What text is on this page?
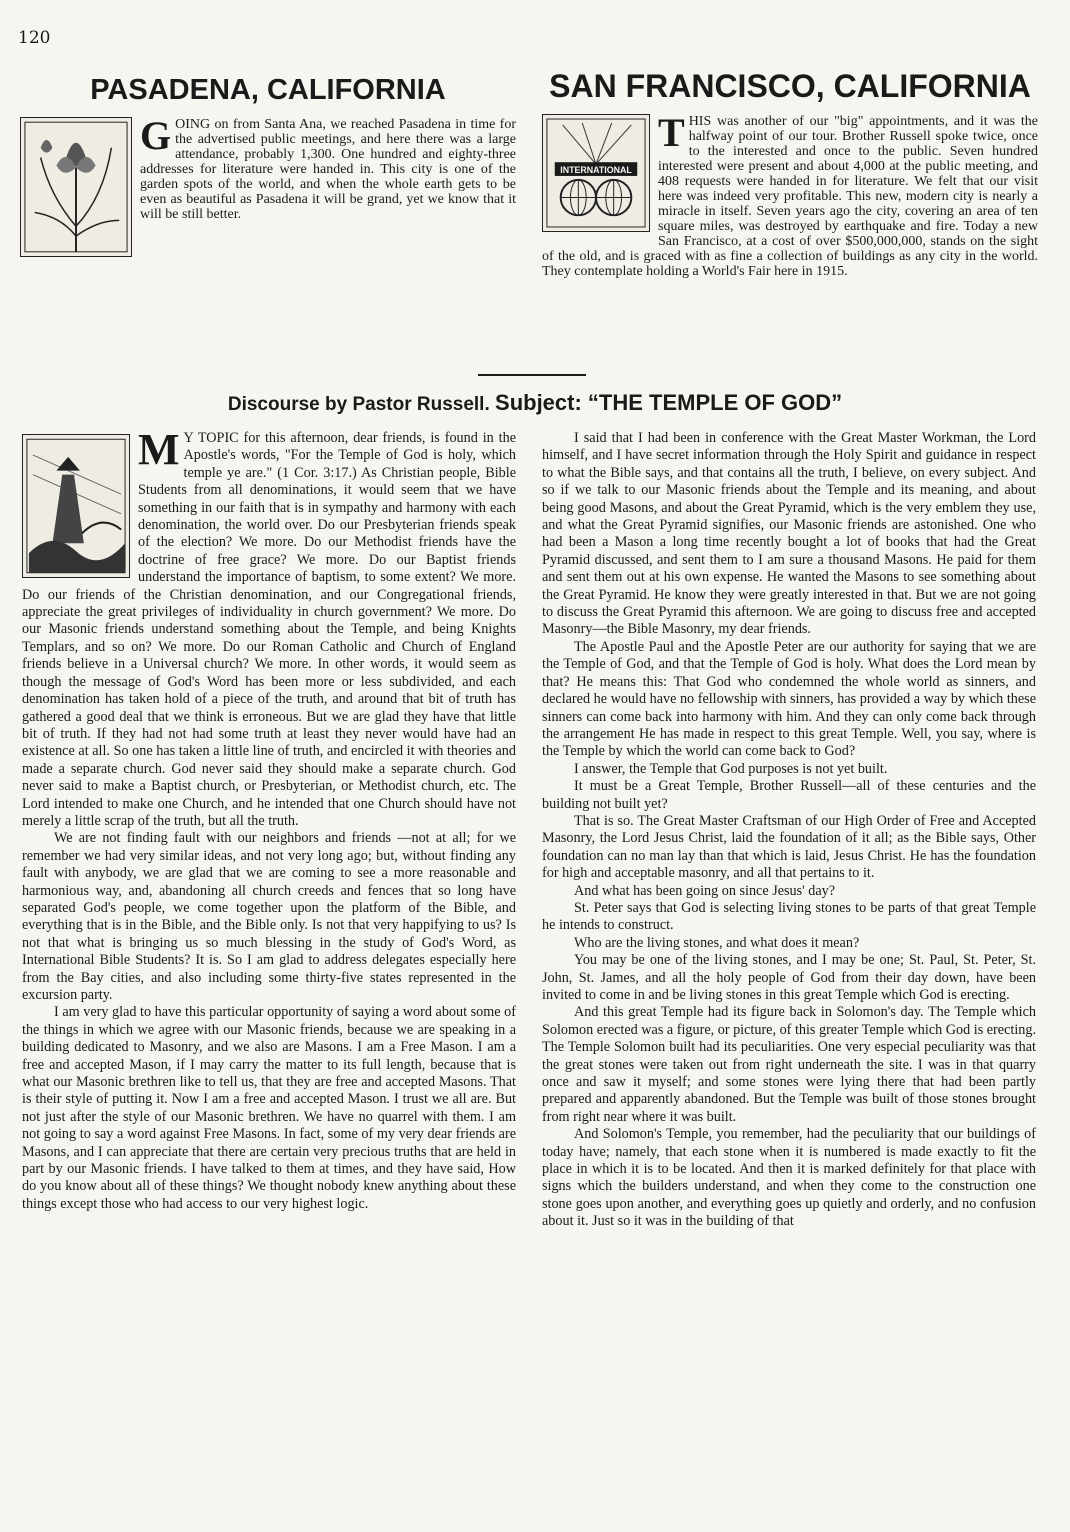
120
PASADENA, CALIFORNIA

GOING on from Santa Ana, we reached Pasadena in time for the advertised public meetings, and here there was a large attendance, probably 1,300. One hundred and eighty-three addresses for literature were handed in. This city is one of the garden spots of the world, and when the whole earth gets to be even as beautiful as Pasadena it will be grand, yet we know that it will be still better.

SAN FRANCISCO, CALIFORNIA
INTERNATIONAL

THIS was another of our "big" appointments, and it was the halfway point of our tour. Brother Russell spoke twice, once to the interested and once to the public. Seven hundred interested were present and about 4,000 at the public meeting, and 408 requests were handed in for literature. We felt that our visit here was indeed very profitable. This new, modern city is nearly a miracle in itself. Seven years ago the city, covering an area of ten square miles, was destroyed by earthquake and fire. Today a new San Francisco, at a cost of over $500,000,000, stands on the sight of the old, and is graced with as fine a collection of buildings as any city in the world. They contemplate holding a World's Fair here in 1915.

Discourse by Pastor Russell. Subject: “THE TEMPLE OF GOD”

M Y TOPIC for this afternoon, dear friends, is found in the Apostle's words, "For the Temple of God is holy, which temple ye are." (1 Cor. 3:17.) As Christian people, Bible Students from all denominations, it would seem that we have something in our faith that is in sympathy and harmony with each denomination, the world over. Do our Presbyterian friends speak of the election? We more. Do our Methodist friends have the doctrine of free grace? We more. Do our Baptist friends understand the importance of baptism, to some extent? We more. Do our friends of the Christian denomination, and our Congregational friends, appreciate the great privileges of individuality in church government? We more. Do our Masonic friends understand something about the Temple, and being Knights Templars, and so on? We more. Do our Roman Catholic and Church of England friends believe in a Universal church? We more. In other words, it would seem as though the message of God's Word has been more or less subdivided, and each denomination has taken hold of a piece of the truth, and around that bit of truth has gathered a good deal that we think is erroneous. But we are glad they have that little bit of truth. If they had not had some truth at least they never would have had an existence at all. So one has taken a little line of truth, and encircled it with theories and made a separate church. God never said they should make a separate church. God never said to make a Baptist church, or Presbyterian, or Methodist church, etc. The Lord intended to make one Church, and he intended that one Church should have not merely a little scrap of the truth, but all the truth.

We are not finding fault with our neighbors and friends —not at all; for we remember we had very similar ideas, and not very long ago; but, without finding any fault with anybody, we are glad that we are coming to see a more reasonable and harmonious way, and, abandoning all church creeds and fences that so long have separated God's people, we come together upon the platform of the Bible, and everything that is in the Bible, and the Bible only. Is not that very happifying to us? Is not that what is bringing us so much blessing in the study of God's Word, as International Bible Students? It is. So I am glad to address delegates especially here from the Bay cities, and also including some thirty-five states represented in the excursion party.

I am very glad to have this particular opportunity of saying a word about some of the things in which we agree with our Masonic friends, because we are speaking in a building dedicated to Masonry, and we also are Masons. I am a Free Mason. I am a free and accepted Mason, if I may carry the matter to its full length, because that is what our Masonic brethren like to tell us, that they are free and accepted Masons. That is their style of putting it. Now I am a free and accepted Mason. I trust we all are. But not just after the style of our Masonic brethren. We have no quarrel with them. I am not going to say a word against Free Masons. In fact, some of my very dear friends are Masons, and I can appreciate that there are certain very precious truths that are held in part by our Masonic friends. I have talked to them at times, and they have said, How do you know about all of these things? We thought nobody knew anything about these things except those who had access to our very highest logic.

I said that I had been in conference with the Great Master Workman, the Lord himself, and I have secret information through the Holy Spirit and guidance in respect to what the Bible says, and that contains all the truth, I believe, on every subject. And so if we talk to our Masonic friends about the Temple and its meaning, and about being good Masons, and about the Great Pyramid, which is the very emblem they use, and what the Great Pyramid signifies, our Masonic friends are astonished. One who had been a Mason a long time recently bought a lot of books that had the Great Pyramid discussed, and sent them to I am sure a thousand Masons. He paid for them and sent them out at his own expense. He wanted the Masons to see something about the Great Pyramid. He know they were greatly interested in that. But we are not going to discuss the Great Pyramid this afternoon. We are going to discuss free and accepted Masonry—the Bible Masonry, my dear friends.

The Apostle Paul and the Apostle Peter are our authority for saying that we are the Temple of God, and that the Temple of God is holy. What does the Lord mean by that? He means this: That God who condemned the whole world as sinners, and declared he would have no fellowship with sinners, has provided a way by which these sinners can come back into harmony with him. And they can only come back through the arrangement He has made in respect to this great Temple. Well, you say, where is the Temple by which the world can come back to God?

I answer, the Temple that God purposes is not yet built.

It must be a Great Temple, Brother Russell—all of these centuries and the building not built yet?

That is so. The Great Master Craftsman of our High Order of Free and Accepted Masonry, the Lord Jesus Christ, laid the foundation of it all; as the Bible says, Other foundation can no man lay than that which is laid, Jesus Christ. He has the foundation for high and acceptable masonry, and all that pertains to it.

And what has been going on since Jesus' day?

St. Peter says that God is selecting living stones to be parts of that great Temple he intends to construct.

Who are the living stones, and what does it mean?

You may be one of the living stones, and I may be one; St. Paul, St. Peter, St. John, St. James, and all the holy people of God from their day down, have been invited to come in and be living stones in this great Temple which God is erecting.

And this great Temple had its figure back in Solomon's day. The Temple which Solomon erected was a figure, or picture, of this greater Temple which God is erecting. The Temple Solomon built had its peculiarities. One very especial peculiarity was that the great stones were taken out from right underneath the site. I was in that quarry once and saw it myself; and some stones were lying there that had been partly prepared and apparently abandoned. But the Temple was built of those stones brought from right near where it was built.

And Solomon's Temple, you remember, had the peculiarity that our buildings of today have; namely, that each stone when it is numbered is made exactly to fit the place in which it is to be located. And then it is marked definitely for that place with signs which the builders understand, and when they come to the construction one stone goes upon another, and everything goes up quietly and orderly, and no confusion about it. Just so it was in the building of that
